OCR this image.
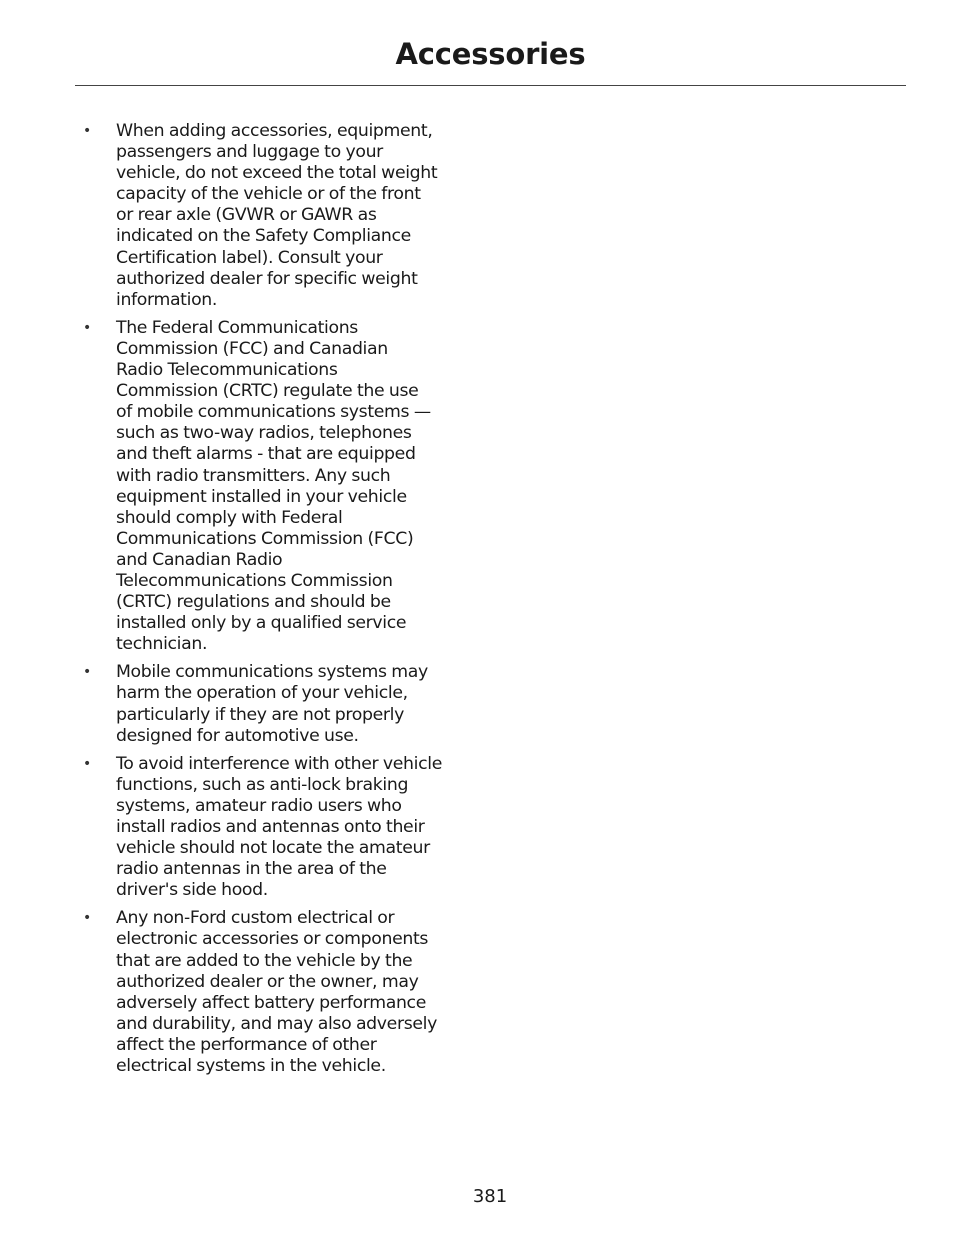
Accessories
• When adding accessories, equipment,
passengers and luggage to your
vehicle, do not exceed the total weight
capacity of the vehicle or of the front
or rear axle (GVWR or GAWR as
indicated on the Safety Compliance
Certification label). Consult your
authorized dealer for specific weight
information.
• The Federal Communications
Commission (FCC) and Canadian
Radio Telecommunications
Commission (CRTC) regulate the use
of mobile communications systems —
such as two-way radios, telephones
and theft alarms - that are equipped
with radio transmitters. Any such
equipment installed in your vehicle
should comply with Federal
Communications Commission (FCC)
and Canadian Radio
Telecommunications Commission
(CRTC) regulations and should be
installed only by a qualified service
technician.
• Mobile communications systems may
harm the operation of your vehicle,
particularly if they are not properly
designed for automotive use.
• To avoid interference with other vehicle
functions, such as anti-lock braking
systems, amateur radio users who
install radios and antennas onto their
vehicle should not locate the amateur
radio antennas in the area of the
driver's side hood.
• Any non-Ford custom electrical or
electronic accessories or components
that are added to the vehicle by the
authorized dealer or the owner, may
adversely affect battery performance
and durability, and may also adversely
affect the performance of other
electrical systems in the vehicle.
381
